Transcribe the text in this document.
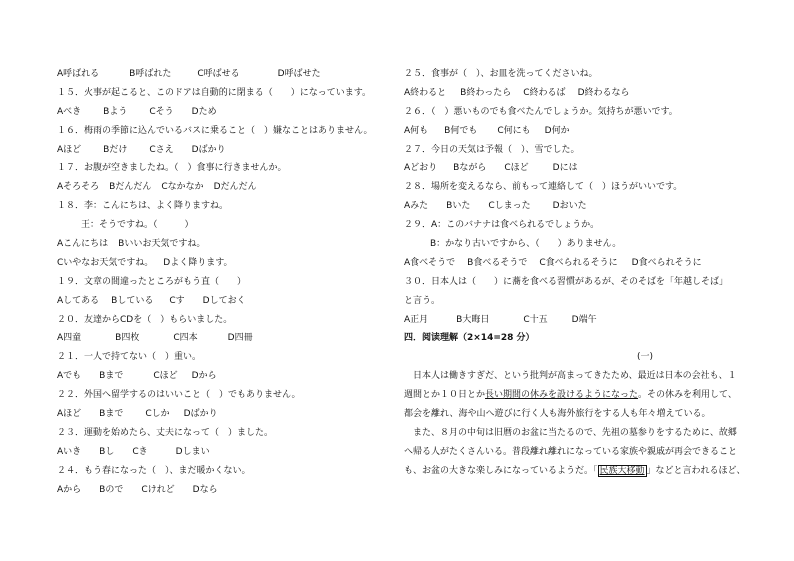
A呼ばれる	B呼ばれた	C呼ばせる	D呼ばせた
１５．火事が起こると、このドアは自動的に閉まる（　　）になっています。
Aべき Bよう Cそう Dため
１６．梅雨の季節に込んでいるバスに乗ること（　）嫌なことはありません。
Aほど Bだけ Cさえ Dばかり
１７．お腹が空きましたね。（　）食事に行きませんか。
Aそろそろ Bだんだん Cなかなか Dだんだん
１８．李：こんにちは、よく降りますね。
王：そうですね。（　　　）
Aこんにちは Bいいお天気ですね。
Cいやなお天気ですね。 Dよく降ります。
１９．文章の間違ったところがもう直（　　）
Aしてある Bしている Cす Dしておく
２０．友達からCDを（　）もらいました。
A四童	B四枚	C四本	D四冊
２１．一人で持てない（　）重い。
Aでも Bまで	Cほど Dから
２２．外国へ留学するのはいいこと（　）でもありません。
Aほど Bまで Cしか Dばかり
２３．運動を始めたら、丈夫になって（　）ました。
Aいき Bし Cき	Dしまい
２４．もう春になった（　）、まだ暖かくない。
Aから Bので Cけれど Dなら
２５．食事が（　）、お皿を洗ってくださいね。
A終わると B終わったら C終わるば D終わるなら
２６．（　）悪いものでも食べたんでしょうか。気持ちが悪いです。
A何も B何でも C何にも D何か
２７．今日の天気は予報（　）、雪でした。
Aどおり Bながら Cほど	Dには
２８．場所を変えるなら、前もって連絡して（　）ほうがいいです。
Aみた Bいた Cしまった Dおいた
２９．A：このバナナは食べられるでしょうか。
B：かなり古いですから、（　　）ありません。
A食べそうで B食べるそうで C食べられるそうに D食べられそうに
３０．日本人は（　　）に蕎を食べる習慣があるが、そのそばを「年越しそば」
と言う。
A正月	B大晦日	C十五	D端午
四．阅读理解（2×14=28 分）
(一)
日本人は働きすぎだ、という批判が高まってきたため、最近は日本の会社も、１
週間とか１０日とか長い期間の休みを設けるようになった。その休みを利用して、
都会を離れ、海や山へ遊びに行く人も海外旅行をする人も年々増えている。
また、８月の中旬は旧暦のお盆に当たるので、先祖の墓参りをするために、故郷
へ帰る人がたくさんいる。普段離れ離れになっている家族や親戚が再会できること
も、お盆の大きな楽しみになっているようだ。「 民族大移動 」などと言われるほど、
